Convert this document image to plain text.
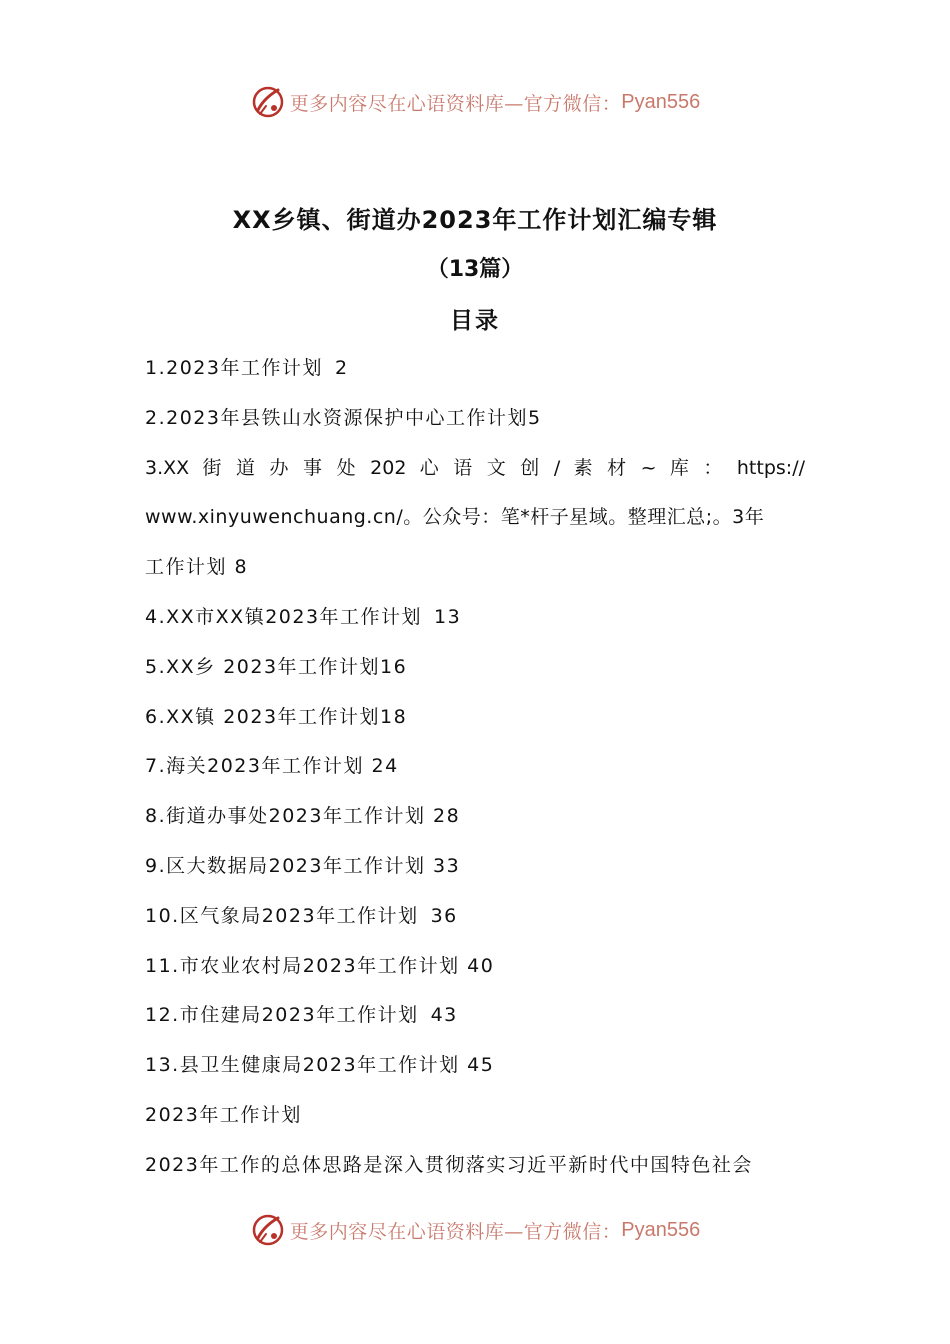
更多内容尽在心语资料库—官方微信： Pyan556
XX乡镇、街道办2023年工作计划汇编专辑
（13篇）
目录
1.2023年工作计划 2
2.2023年县铁山水资源保护中心工作计划5
3.XX 街 道 办 事 处 202 心 语 文 创 / 素 材 ~ 库 ： https://
www.xinyuwenchuang.cn/。公众号：笔*杆子星域。整理汇总;。3年
工作计划 8
4.XX市XX镇2023年工作计划 13
5.XX乡 2023年工作计划16
6.XX镇 2023年工作计划18
7.海关2023年工作计划 24
8.街道办事处2023年工作计划 28
9.区大数据局2023年工作计划 33
10.区气象局2023年工作计划 36
11.市农业农村局2023年工作计划 40
12.市住建局2023年工作计划 43
13.县卫生健康局2023年工作计划 45
2023年工作计划
2023年工作的总体思路是深入贯彻落实习近平新时代中国特色社会
更多内容尽在心语资料库—官方微信： Pyan556
